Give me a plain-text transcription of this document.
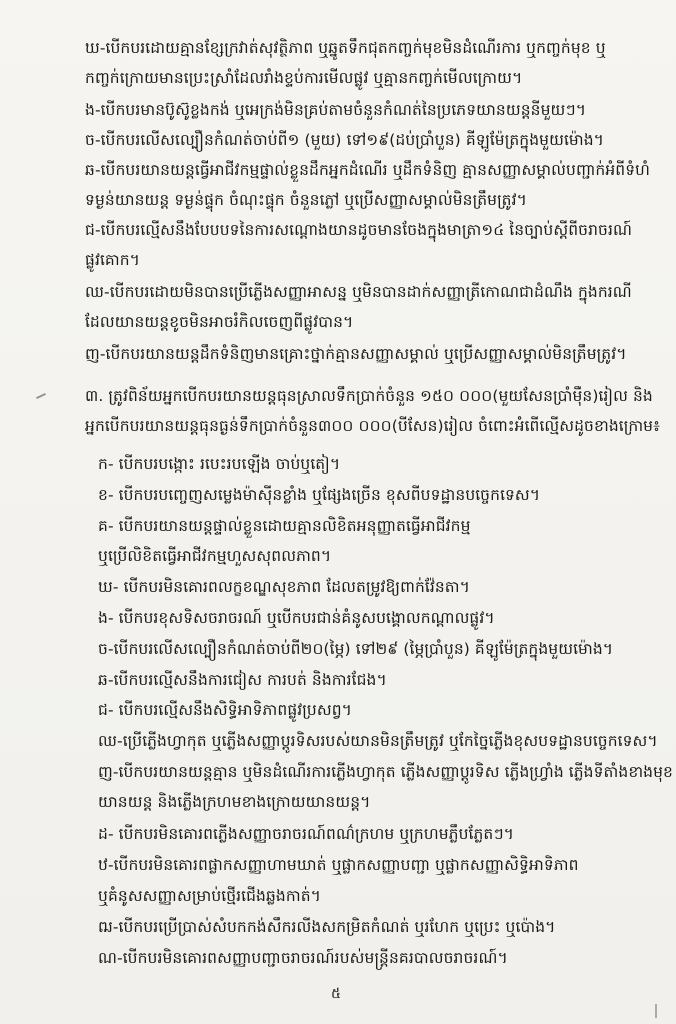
ឃ-បើកបរដោយគ្មានខ្សែក្រវាត់សុវត្ថិភាព ឬឆ្នូតទឹកជុតកញ្ចក់មុខមិនដំណើរការ ឬកញ្ចក់មុខ ឬ
កញ្ចក់ក្រោយមានប្រេះស្រាំដែលរាំងខ្ទប់ការមើលផ្លូវ ឬគ្មានកញ្ចក់មើលក្រោយ។
ង-បើកបរមានប៊ូស៊ូខ្លងកង់ ឬអេក្រង់មិនគ្រប់តាមចំនួនកំណត់នៃប្រភេទយានយន្តនីមួយៗ។
ច-បើកបរលើសល្បឿនកំណត់ចាប់ពី១ (មួយ) ទៅ១៩(ដប់ប្រាំបួន) គីឡូម៉ែត្រក្នុងមួយម៉ោង។
ឆ-បើកបរយានយន្តធ្វើអាជីវកម្មផ្ទាល់ខ្លួនដឹកអ្នកដំណើរ ឬដឹកទំនិញ គ្មានសញ្ញាសម្គាល់បញ្ជាក់អំពីទំហំ
ទម្ងន់យានយន្ត ទម្ងន់ផ្ទុក ចំណុះផ្ទុក ចំនួនភ្លៅ ឬប្រើសញ្ញាសម្គាល់មិនត្រឹមត្រូវ។
ជ-បើកបរល្មើសនឹងបែបបទនៃការសណ្តោងយានដូចមានចែងក្នុងមាត្រា១៤ នៃច្បាប់ស្តីពីចរាចរណ៍
ផ្លូវគោក។
ឈ-បើកបរដោយមិនបានប្រើភ្លើងសញ្ញាអាសន្ន ឬមិនបានដាក់សញ្ញាត្រីកោណជាដំណឹង ក្នុងករណី
ដែលយានយន្តខូចមិនអាចរំកិលចេញពីផ្លូវបាន។
ញ-បើកបរយានយន្តដឹកទំនិញមានគ្រោះថ្នាក់គ្មានសញ្ញាសម្គាល់ ឬប្រើសញ្ញាសម្គាល់មិនត្រឹមត្រូវ។
៣. ត្រូវពិន័យអ្នកបើកបរយានយន្តធុនស្រាលទឹកប្រាក់ចំនួន ១៥០ ០០០(មួយសែនប្រាំម៉ឺន)រៀល និង
អ្នកបើកបរយានយន្តធុនធ្ងន់ទឹកប្រាក់ចំនួន៣០០ ០០០(បីសែន)រៀល ចំពោះអំពើល្មើសដូចខាងក្រោម៖
ក- បើកបរបង្កោះ របេះរបឡើង ចាប់ឬតៀ។
ខ- បើកបរបញ្ចេញសម្លេងម៉ាស៊ីនខ្លាំង ឬផ្សែងច្រើន ខុសពីបទដ្ឋានបច្ចេកទេស។
គ- បើកបរយានយន្តផ្ទាល់ខ្លួនដោយគ្មានលិខិតអនុញ្ញាតធ្វើអាជីវកម្ម
ឬប្រើលិខិតធ្វើអាជីវកម្មហួសសុពលភាព។
ឃ- បើកបរមិនគោរពលក្ខខណ្ឌសុខភាព ដែលតម្រូវឱ្យពាក់វ៉ែនតា។
ង- បើកបរខុសទិសចរាចរណ៍ ឬបើកបរជាន់គំនូសបង្គោលកណ្ដាលផ្លូវ។
ច-បើកបរលើសល្បឿនកំណត់ចាប់ពី២០(ម្ភៃ) ទៅ២៩ (ម្ភៃប្រាំបួន) គីឡូម៉ែត្រក្នុងមួយម៉ោង។
ឆ-បើកបរល្មើសនឹងការជៀស ការបត់ និងការជែង។
ជ- បើកបរល្មើសនឹងសិទ្ធិអាទិភាពផ្លូវប្រសព្វ។
ឈ-ប្រើភ្លើងហ្វាកុត ឬភ្លើងសញ្ញាប្តូរទិសរបស់យានមិនត្រឹមត្រូវ ឬកែច្នៃភ្លើងខុសបទដ្ឋានបច្ចេកទេស។
ញ-បើកបរយានយន្តគ្មាន ឬមិនដំណើរការភ្លើងហ្វាកុត ភ្លើងសញ្ញាប្តូរទិស ភ្លើងហ្វ្រាំង ភ្លើងទីតាំងខាងមុខ
យានយន្ត និងភ្លើងក្រហមខាងក្រោយយានយន្ត។
ដ- បើកបរមិនគោរពភ្លើងសញ្ញាចរាចរណ៍ពណ៌ក្រហម ឬក្រហមភ្លឹបភ្លែតៗ។
ឋ-បើកបរមិនគោរពផ្លាកសញ្ញាហាមឃាត់ ឬផ្លាកសញ្ញាបញ្ជា ឬផ្លាកសញ្ញាសិទ្ធិអាទិភាព
ឬគំនូសសញ្ញាសម្រាប់ថ្មើរជើងឆ្លងកាត់។
ឍ-បើកបរប្រើប្រាស់សំបកកង់សឹករលីងសកម្រិតកំណត់ ឬរហែក ឬប្រេះ ឬប៉ោង។
ណ-បើកបរមិនគោរពសញ្ញាបញ្ជាចរាចរណ៍របស់មន្ត្រីនគរបាលចរាចរណ៍។
៥
